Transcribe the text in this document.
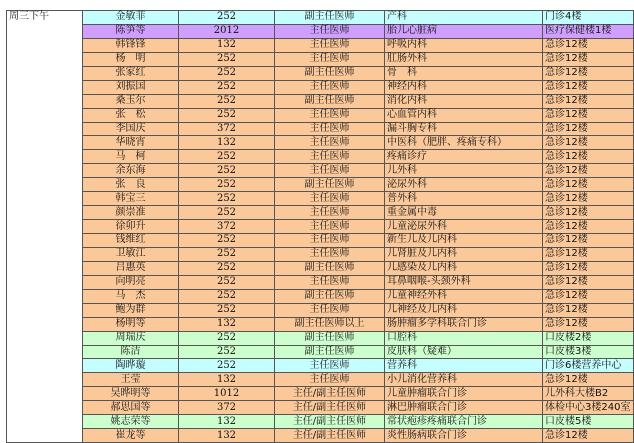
周三下午	金敏菲	252	副主任医师	产科	门诊4楼
	陈笋等	2012	主任医师	胎儿心脏病	医疗保健楼1楼
	韩锋锋	132	主任医师	呼吸内科	急诊12楼
	杨　明	252	主任医师	肛肠外科	急诊12楼
	张家红	252	副主任医师	骨　科	急诊12楼
	刘振国	252	主任医师	神经内科	急诊12楼
	桑玉尔	252	副主任医师	消化内科	急诊12楼
	张　松	252	主任医师	心血管内科	急诊12楼
	李国庆	372	主任医师	漏斗胸专科	急诊12楼
	华晓宵	132	主任医师	中医科（肥胖、疼痛专科）	急诊12楼
	马　柯	252	主任医师	疼痛诊疗	急诊12楼
	余东海	252	主任医师	儿外科	急诊12楼
	张　良	252	副主任医师	泌尿外科	急诊12楼
	韩宝三	252	主任医师	普外科	急诊12楼
	颜崇准	252	主任医师	重金属中毒	急诊12楼
	徐卯升	372	主任医师	儿童泌尿外科	急诊12楼
	钱维红	252	主任医师	新生儿及儿内科	急诊12楼
	卫敏江	252	主任医师	儿肾脏及儿内科	急诊12楼
	吕惠英	252	副主任医师	儿感染及儿内科	急诊12楼
	向明亮	252	主任医师	耳鼻咽喉-头颈外科	急诊12楼
	马　杰	252	副主任医师	儿童神经外科	急诊12楼
	鲍为群	252	主任医师	儿神经及儿内科	急诊12楼
	杨明等	132	副主任医师以上	肠肿瘤多学科联合门诊	急诊12楼
	周瑞庆	252	副主任医师	口腔科	口皮楼2楼
	陈洁	252	副主任医师	皮肤科（疑难）	口皮楼3楼
	陶晔璇	252	主任医师	营养科	门诊6楼营养中心
	王莹	132	主任医师	小儿消化营养科	急诊12楼
	吴晔明等	1012	主任/副主任医师	儿童肿瘤联合门诊	儿外科大楼B2
	郝思国等	372	主任/副主任医师	淋巴肿瘤联合门诊	体检中心3楼240室
	姚志荣等	132	主任/副主任医师	常状疱疹疼痛联合门诊	口皮楼5楼
	崔龙等	132	主任/副主任医师	炎性肠病联合门诊	急诊12楼
